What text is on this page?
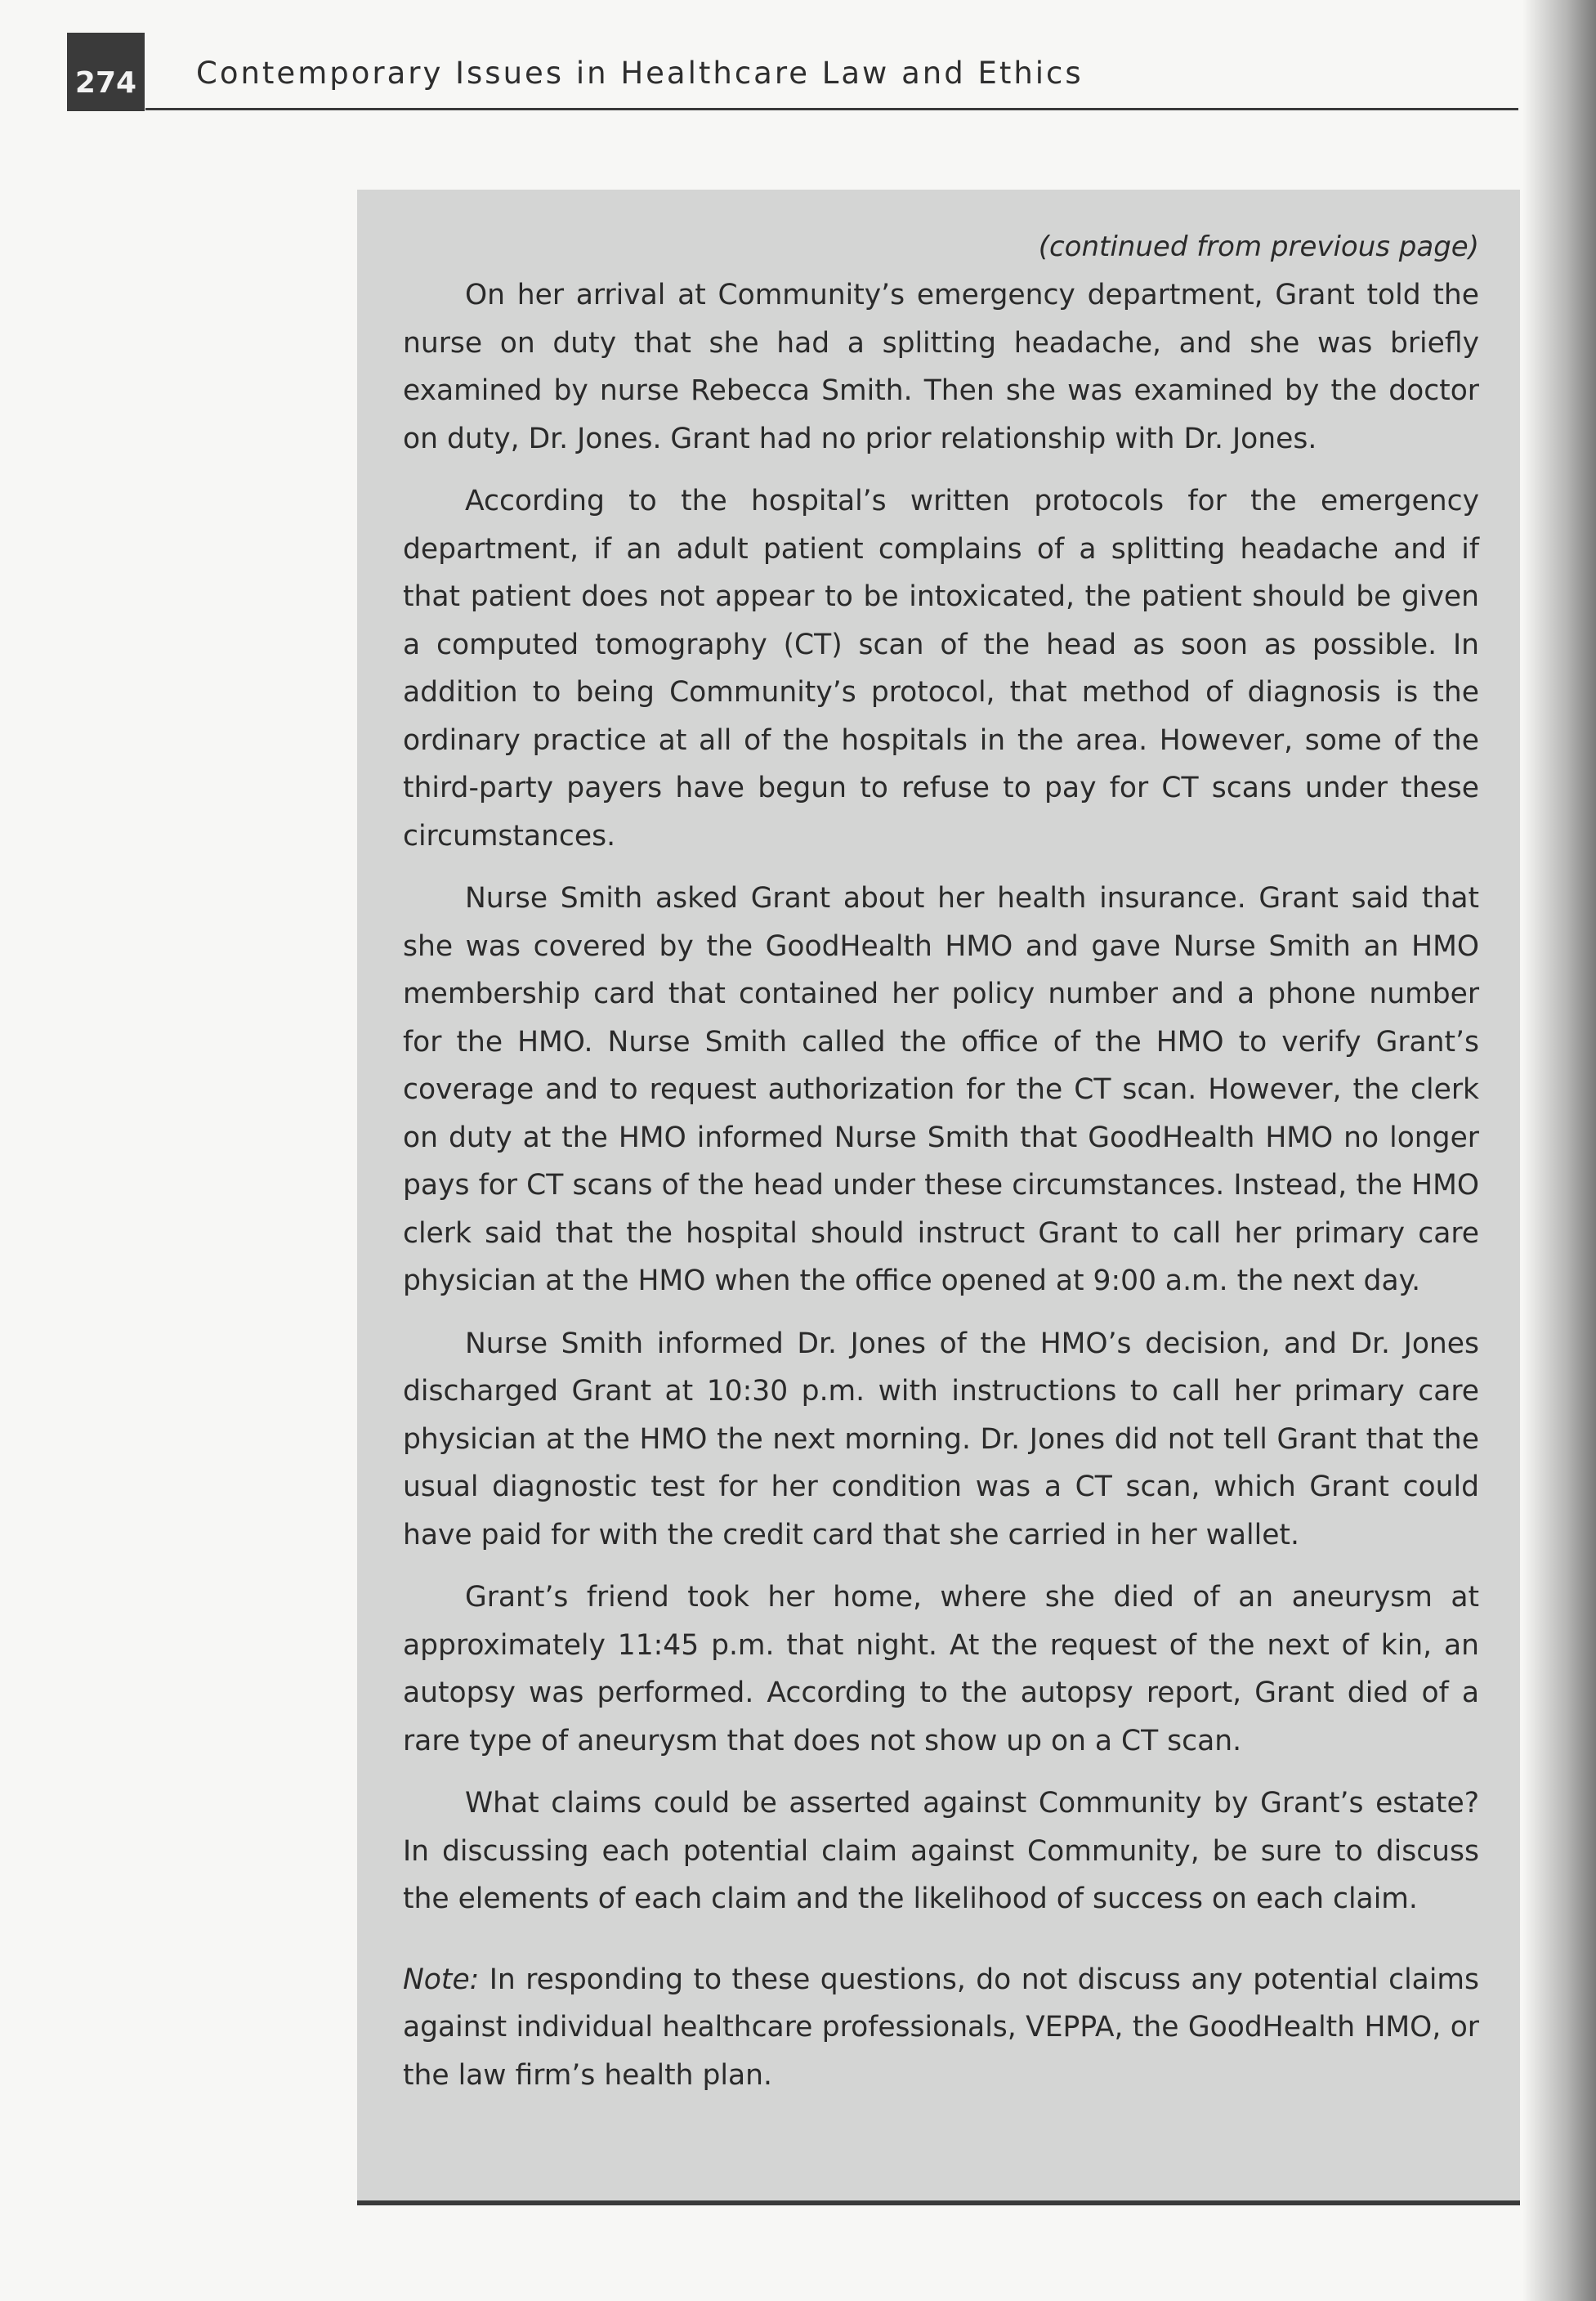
274 Contemporary Issues in Healthcare Law and Ethics
(continued from previous page)

On her arrival at Community’s emergency department, Grant told the nurse on duty that she had a splitting headache, and she was briefly examined by nurse Rebecca Smith. Then she was examined by the doctor on duty, Dr. Jones. Grant had no prior relationship with Dr. Jones.

According to the hospital’s written protocols for the emergency department, if an adult patient complains of a splitting headache and if that patient does not appear to be intoxicated, the patient should be given a computed tomography (CT) scan of the head as soon as possible. In addition to being Community’s protocol, that method of diagnosis is the ordinary practice at all of the hospitals in the area. However, some of the third-party payers have begun to refuse to pay for CT scans under these circumstances.

Nurse Smith asked Grant about her health insurance. Grant said that she was covered by the GoodHealth HMO and gave Nurse Smith an HMO membership card that contained her policy number and a phone number for the HMO. Nurse Smith called the office of the HMO to verify Grant’s coverage and to request authorization for the CT scan. However, the clerk on duty at the HMO informed Nurse Smith that GoodHealth HMO no longer pays for CT scans of the head under these circumstances. Instead, the HMO clerk said that the hospital should instruct Grant to call her primary care physician at the HMO when the office opened at 9:00 a.m. the next day.

Nurse Smith informed Dr. Jones of the HMO’s decision, and Dr. Jones discharged Grant at 10:30 p.m. with instructions to call her primary care physician at the HMO the next morning. Dr. Jones did not tell Grant that the usual diagnostic test for her condition was a CT scan, which Grant could have paid for with the credit card that she carried in her wallet.

Grant’s friend took her home, where she died of an aneurysm at approximately 11:45 p.m. that night. At the request of the next of kin, an autopsy was performed. According to the autopsy report, Grant died of a rare type of aneurysm that does not show up on a CT scan.

What claims could be asserted against Community by Grant’s estate? In discussing each potential claim against Community, be sure to discuss the elements of each claim and the likelihood of success on each claim.

Note: In responding to these questions, do not discuss any potential claims against individual healthcare professionals, VEPPA, the GoodHealth HMO, or the law firm’s health plan.
